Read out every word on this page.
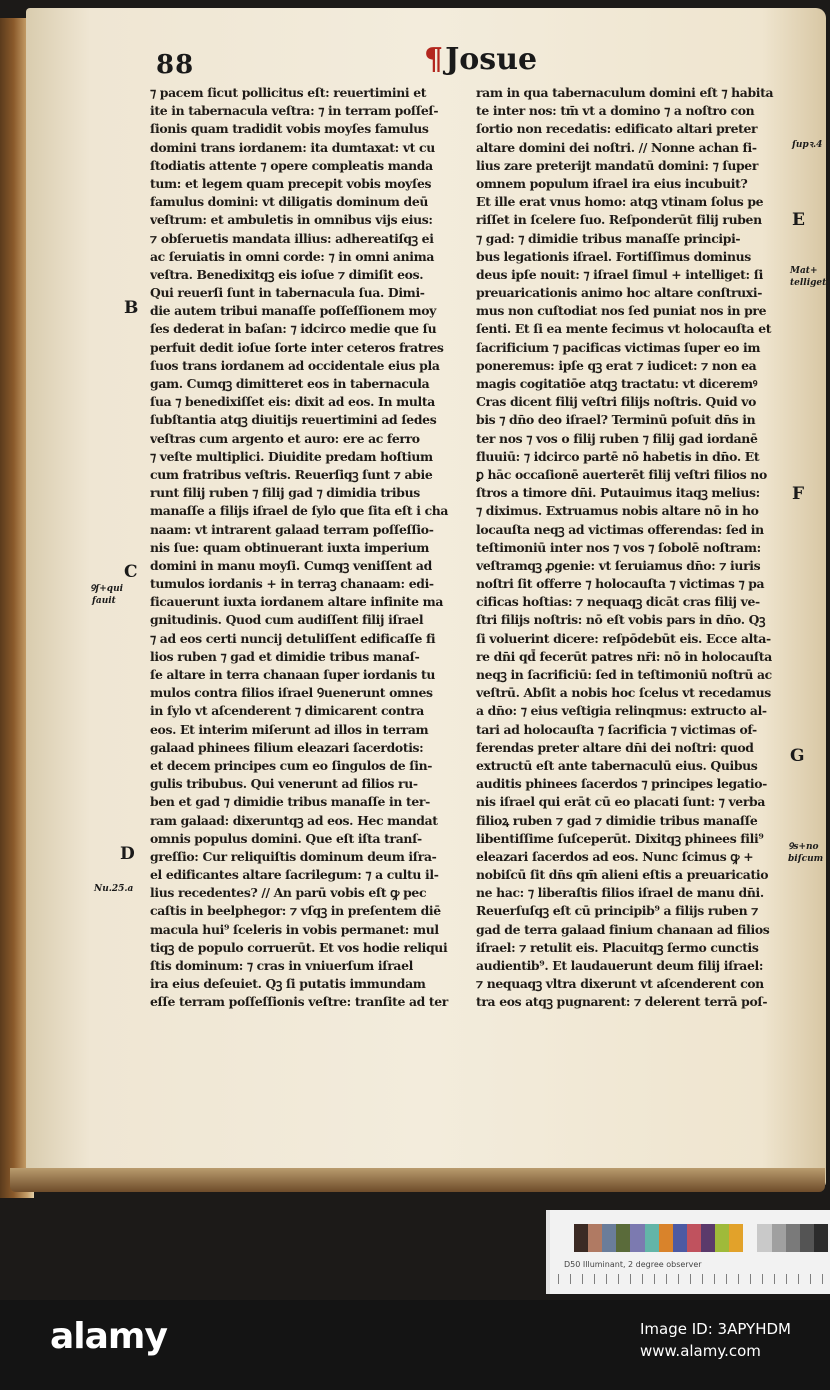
88	¶Josue
⁊ pacem ſicut pollicitus eſt: reuertimini et
ite in tabernacula veſtra: ⁊ in terram poſſeſ-
ſionis quam tradidit vobis moyſes famulus
domini trans iordanem: ita dumtaxat: vt cu
ſtodiatis attente ⁊ opere compleatis manda
tum: et legem quam precepit vobis moyſes
famulus domini: vt diligatis dominum deū
veſtrum: et ambuletis in omnibus vijs eius:
⁊ obſeruetis mandata illius: adhereatiſqꝫ ei
ac ſeruiatis in omni corde: ⁊ in omni anima
veſtra. Benedixitqꝫ eis ioſue ⁊ dimiſit eos.
Qui reuerſi ſunt in tabernacula ſua. Dimi-
die autem tribui manaſſe poſſeſſionem moy
ſes dederat in baſan: ⁊ idcirco medie que ſu
perfuit dedit ioſue ſorte inter ceteros fratres
ſuos trans iordanem ad occidentale eius pla
gam. Cumqꝫ dimitteret eos in tabernacula
ſua ⁊ benedixiſſet eis: dixit ad eos. In multa
ſubſtantia atqꝫ diuitijs reuertimini ad ſedes
veſtras cum argento et auro: ere ac ferro
⁊ veſte multiplici. Diuidite predam hoſtium
cum fratribus veſtris. Reuerſiqꝫ ſunt ⁊ abie
runt filij ruben ⁊ filij gad ⁊ dimidia tribus
manaſſe a filijs iſrael de ſylo que ſita eſt i cha
naam: vt intrarent galaad terram poſſeſſio-
nis ſue: quam obtinuerant iuxta imperium
domini in manu moyſi. Cumqꝫ veniſſent ad
tumulos iordanis + in terraꝫ chanaam: edi-
ficauerunt iuxta iordanem altare infinite ma
gnitudinis. Quod cum audiſſent filij iſrael
⁊ ad eos certi nuncij detuliſſent edificaſſe fi
lios ruben ⁊ gad et dimidie tribus manaſ-
ſe altare in terra chanaan ſuper iordanis tu
mulos contra filios iſrael Ꝯuenerunt omnes
in ſylo vt aſcenderent ⁊ dimicarent contra
eos. Et interim miſerunt ad illos in terram
galaad phinees filium eleazari ſacerdotis:
et decem principes cum eo ſingulos de ſin-
gulis tribubus. Qui venerunt ad filios ru-
ben et gad ⁊ dimidie tribus manaſſe in ter-
ram galaad: dixeruntqꝫ ad eos. Hec mandat
omnis populus domini. Que eſt iſta tranſ-
greſſio: Cur reliquiſtis dominum deum iſra-
el edificantes altare ſacrilegum: ⁊ a cultu il-
lius recedentes? // An parū vobis eſt ꝙ pec
caſtis in beelphegor: ⁊ vſqꝫ in preſentem diē
macula hui⁹ ſceleris in vobis permanet: mul
tiqꝫ de populo corruerūt. Et vos hodie reliqui
ſtis dominum: ⁊ cras in vniuerſum iſrael
ira eius deſeuiet. Qꝫ ſi putatis immundam
eſſe terram poſſeſſionis veſtre: tranſite ad ter
ram in qua tabernaculum domini eſt ⁊ habita
te inter nos: tm̄ vt a domino ⁊ a noſtro con
ſortio non recedatis: edificato altari preter
altare domini dei noſtri. // Nonne achan fi-
lius zare preterijt mandatū domini: ⁊ ſuper
omnem populum iſrael ira eius incubuit?
Et ille erat vnus homo: atqꝫ vtinam ſolus pe
riſſet in ſcelere ſuo. Reſponderūt filij ruben
⁊ gad: ⁊ dimidie tribus manaſſe principi-
bus legationis iſrael. Fortiſſimus dominus
deus ipſe nouit: ⁊ iſrael ſimul + intelliget: ſi
preuaricationis animo hoc altare conſtruxi-
mus non cuſtodiat nos ſed puniat nos in pre
ſenti. Et ſi ea mente fecimus vt holocauſta et
ſacrificium ⁊ pacificas victimas ſuper eo im
poneremus: ipſe qꝫ erat ⁊ iudicet: ⁊ non ea
magis cogitatiōe atqꝫ tractatu: vt diceremꝰ
Cras dicent filij veſtri filijs noſtris. Quid vo
bis ⁊ dn̄o deo iſrael? Terminū poſuit dn̄s in
ter nos ⁊ vos o filij ruben ⁊ filij gad iordanē
fluuiū: ⁊ idcirco partē nō habetis in dn̄o. Et
ꝑ hāc occaſionē auerterēt filij veſtri filios no
ſtros a timore dn̄i. Putauimus itaqꝫ melius:
⁊ diximus. Extruamus nobis altare nō in ho
locauſta neqꝫ ad victimas offerendas: ſed in
teſtimoniū inter nos ⁊ vos ⁊ ſobolē noſtram:
veſtramqꝫ ꝓgenie: vt ſeruiamus dn̄o: ⁊ iuris
noſtri ſit offerre ⁊ holocauſta ⁊ victimas ⁊ pa
cificas hoſtias: ⁊ nequaqꝫ dicāt cras filij ve-
ſtri filijs noſtris: nō eſt vobis pars in dn̄o. Qꝫ
ſi voluerint dicere: reſpōdebūt eis. Ecce alta-
re dn̄i qd̄ fecerūt patres nr̄i: nō in holocauſta
neqꝫ in ſacrificiū: ſed in teſtimoniū noſtrū ac
veſtrū. Abſit a nobis hoc ſcelus vt recedamus
a dn̄o: ⁊ eius veſtigia relinqmus: extructo al-
tari ad holocauſta ⁊ ſacrificia ⁊ victimas of-
ferendas preter altare dn̄i dei noſtri: quod
extructū eſt ante tabernaculū eius. Quibus
auditis phinees ſacerdos ⁊ principes legatio-
nis iſrael qui erāt cū eo placati ſunt: ⁊ verba
filioꝝ ruben ⁊ gad ⁊ dimidie tribus manaſſe
libentiſſime ſuſceperūt. Dixitqꝫ phinees fili⁹
eleazari ſacerdos ad eos. Nunc ſcimus ꝙ +
nobiſcū ſit dn̄s qm̄ alieni eſtis a preuaricatio
ne hac: ⁊ liberaſtis filios iſrael de manu dn̄i.
Reuerſuſqꝫ eſt cū principib⁹ a filijs ruben ⁊
gad de terra galaad finium chanaan ad filios
iſrael: ⁊ retulit eis. Placuitqꝫ ſermo cunctis
audientib⁹. Et laudauerunt deum filij iſrael:
⁊ nequaqꝫ vltra dixerunt vt aſcenderent con
tra eos atqꝫ pugnarent: ⁊ delerent terrā poſ-
B
C
Ꝯſ+qui
fauit
D
Nu.25.a
ſupꝛ.4
E
Mat+
telliget
F
G
Ꝯs+no
biſcum
D50 Illuminant, 2 degree observer
alamy	Image ID: 3APYHDM
www.alamy.com
